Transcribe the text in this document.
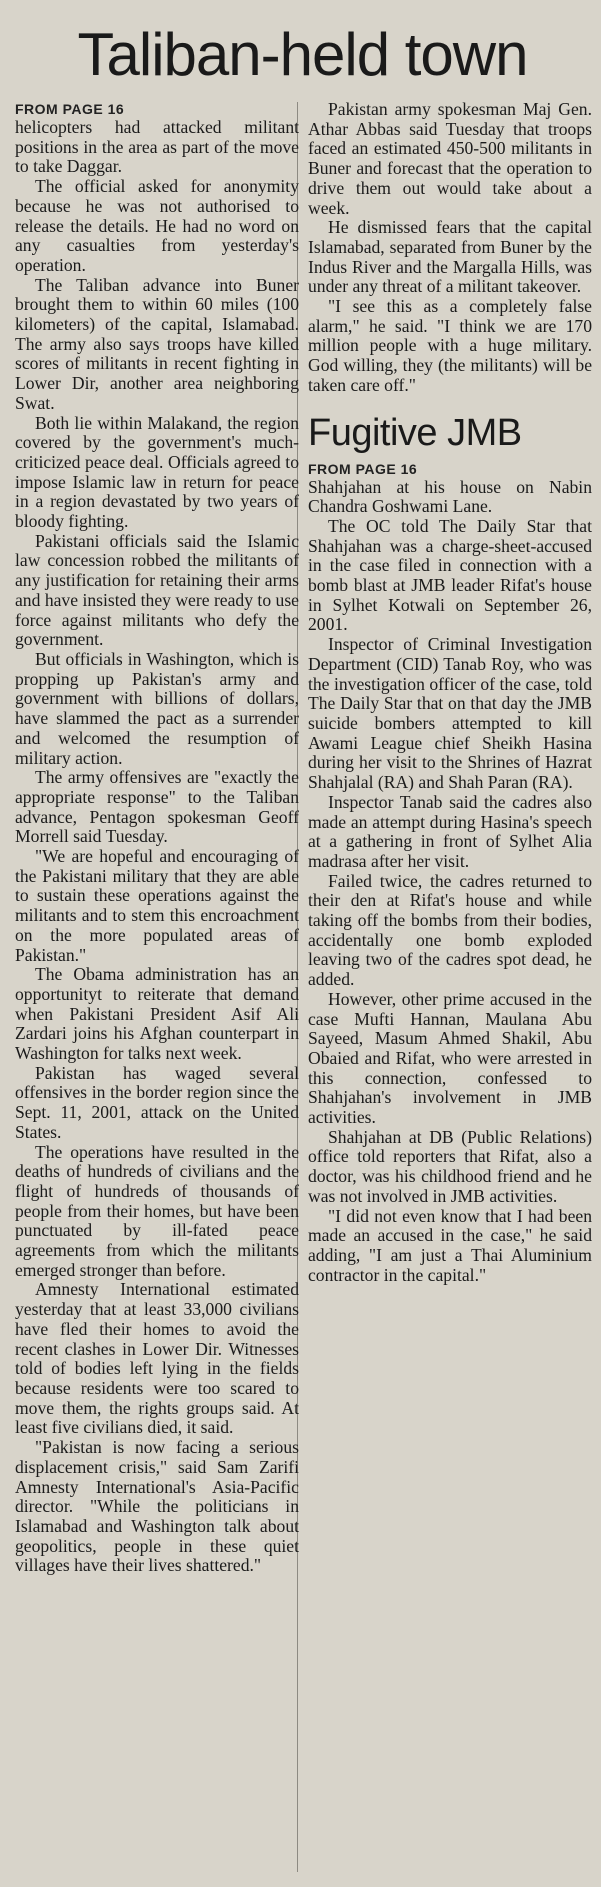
Taliban-held town
FROM PAGE 16

helicopters had attacked militant positions in the area as part of the move to take Daggar.

The official asked for anonymity because he was not authorised to release the details. He had no word on any casualties from yesterday's operation.

The Taliban advance into Buner brought them to within 60 miles (100 kilometers) of the capital, Islamabad. The army also says troops have killed scores of militants in recent fighting in Lower Dir, another area neighboring Swat.

Both lie within Malakand, the region covered by the government's much-criticized peace deal. Officials agreed to impose Islamic law in return for peace in a region devastated by two years of bloody fighting.

Pakistani officials said the Islamic law concession robbed the militants of any justification for retaining their arms and have insisted they were ready to use force against militants who defy the government.

But officials in Washington, which is propping up Pakistan's army and government with billions of dollars, have slammed the pact as a surrender and welcomed the resumption of military action.

The army offensives are "exactly the appropriate response" to the Taliban advance, Pentagon spokesman Geoff Morrell said Tuesday.

"We are hopeful and encouraging of the Pakistani military that they are able to sustain these operations against the militants and to stem this encroachment on the more populated areas of Pakistan."

The Obama administration has an opportunityt to reiterate that demand when Pakistani President Asif Ali Zardari joins his Afghan counterpart in Washington for talks next week.

Pakistan has waged several offensives in the border region since the Sept. 11, 2001, attack on the United States.

The operations have resulted in the deaths of hundreds of civilians and the flight of hundreds of thousands of people from their homes, but have been punctuated by ill-fated peace agreements from which the militants emerged stronger than before.

Amnesty International estimated yesterday that at least 33,000 civilians have fled their homes to avoid the recent clashes in Lower Dir. Witnesses told of bodies left lying in the fields because residents were too scared to move them, the rights groups said. At least five civilians died, it said.

"Pakistan is now facing a serious displacement crisis," said Sam Zarifi Amnesty International's Asia-Pacific director. "While the politicians in Islamabad and Washington talk about geopolitics, people in these quiet villages have their lives shattered."

Pakistan army spokesman Maj Gen. Athar Abbas said Tuesday that troops faced an estimated 450-500 militants in Buner and forecast that the operation to drive them out would take about a week.

He dismissed fears that the capital Islamabad, separated from Buner by the Indus River and the Margalla Hills, was under any threat of a militant takeover.

"I see this as a completely false alarm," he said. "I think we are 170 million people with a huge military. God willing, they (the militants) will be taken care off."

Fugitive JMB
FROM PAGE 16

Shahjahan at his house on Nabin Chandra Goshwami Lane.

The OC told The Daily Star that Shahjahan was a charge-sheet-accused in the case filed in connection with a bomb blast at JMB leader Rifat's house in Sylhet Kotwali on September 26, 2001.

Inspector of Criminal Investigation Department (CID) Tanab Roy, who was the investigation officer of the case, told The Daily Star that on that day the JMB suicide bombers attempted to kill Awami League chief Sheikh Hasina during her visit to the Shrines of Hazrat Shahjalal (RA) and Shah Paran (RA).

Inspector Tanab said the cadres also made an attempt during Hasina's speech at a gathering in front of Sylhet Alia madrasa after her visit.

Failed twice, the cadres returned to their den at Rifat's house and while taking off the bombs from their bodies, accidentally one bomb exploded leaving two of the cadres spot dead, he added.

However, other prime accused in the case Mufti Hannan, Maulana Abu Sayeed, Masum Ahmed Shakil, Abu Obaied and Rifat, who were arrested in this connection, confessed to Shahjahan's involvement in JMB activities.

Shahjahan at DB (Public Relations) office told reporters that Rifat, also a doctor, was his childhood friend and he was not involved in JMB activities.

"I did not even know that I had been made an accused in the case," he said adding, "I am just a Thai Aluminium contractor in the capital."
